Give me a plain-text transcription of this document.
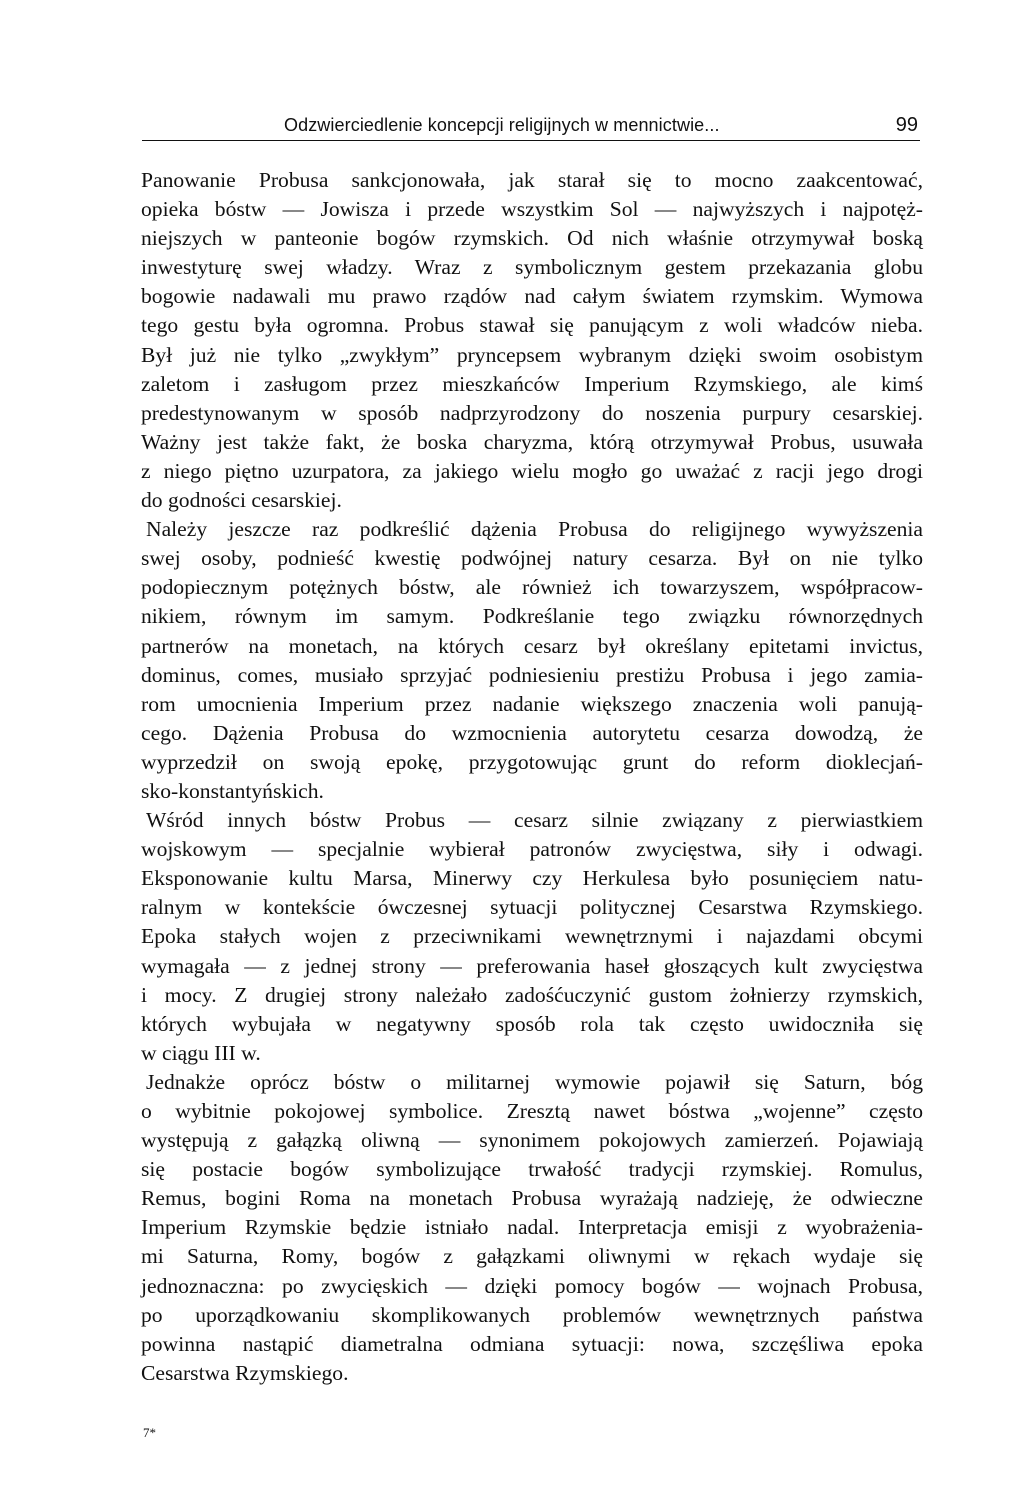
Odzwierciedlenie koncepcji religijnych w mennictwie...	99

Panowanie Probusa sankcjonowała, jak starał się to mocno zaakcentować,
opieka bóstw — Jowisza i przede wszystkim Sol — najwyższych i najpotęż-
niejszych w panteonie bogów rzymskich. Od nich właśnie otrzymywał boską
inwestyturę swej władzy. Wraz z symbolicznym gestem przekazania globu
bogowie nadawali mu prawo rządów nad całym światem rzymskim. Wymowa
tego gestu była ogromna. Probus stawał się panującym z woli władców nieba.
Był już nie tylko „zwykłym” pryncepsem wybranym dzięki swoim osobistym
zaletom i zasługom przez mieszkańców Imperium Rzymskiego, ale kimś
predestynowanym w sposób nadprzyrodzony do noszenia purpury cesarskiej.
Ważny jest także fakt, że boska charyzma, którą otrzymywał Probus, usuwała
z niego piętno uzurpatora, za jakiego wielu mogło go uważać z racji jego drogi
do godności cesarskiej.

Należy jeszcze raz podkreślić dążenia Probusa do religijnego wywyższenia
swej osoby, podnieść kwestię podwójnej natury cesarza. Był on nie tylko
podopiecznym potężnych bóstw, ale również ich towarzyszem, współpracow-
nikiem, równym im samym. Podkreślanie tego związku równorzędnych
partnerów na monetach, na których cesarz był określany epitetami invictus,
dominus, comes, musiało sprzyjać podniesieniu prestiżu Probusa i jego zamia-
rom umocnienia Imperium przez nadanie większego znaczenia woli panują-
cego. Dążenia Probusa do wzmocnienia autorytetu cesarza dowodzą, że
wyprzedził on swoją epokę, przygotowując grunt do reform dioklecjań-
sko-konstantyńskich.

Wśród innych bóstw Probus — cesarz silnie związany z pierwiastkiem
wojskowym — specjalnie wybierał patronów zwycięstwa, siły i odwagi.
Eksponowanie kultu Marsa, Minerwy czy Herkulesa było posunięciem natu-
ralnym w kontekście ówczesnej sytuacji politycznej Cesarstwa Rzymskiego.
Epoka stałych wojen z przeciwnikami wewnętrznymi i najazdami obcymi
wymagała — z jednej strony — preferowania haseł głoszących kult zwycięstwa
i mocy. Z drugiej strony należało zadośćuczynić gustom żołnierzy rzymskich,
których wybujała w negatywny sposób rola tak często uwidoczniła się
w ciągu III w.

Jednakże oprócz bóstw o militarnej wymowie pojawił się Saturn, bóg
o wybitnie pokojowej symbolice. Zresztą nawet bóstwa „wojenne” często
występują z gałązką oliwną — synonimem pokojowych zamierzeń. Pojawiają
się postacie bogów symbolizujące trwałość tradycji rzymskiej. Romulus,
Remus, bogini Roma na monetach Probusa wyrażają nadzieję, że odwieczne
Imperium Rzymskie będzie istniało nadal. Interpretacja emisji z wyobrażenia-
mi Saturna, Romy, bogów z gałązkami oliwnymi w rękach wydaje się
jednoznaczna: po zwycięskich — dzięki pomocy bogów — wojnach Probusa,
po uporządkowaniu skomplikowanych problemów wewnętrznych państwa
powinna nastąpić diametralna odmiana sytuacji: nowa, szczęśliwa epoka
Cesarstwa Rzymskiego.

7*
